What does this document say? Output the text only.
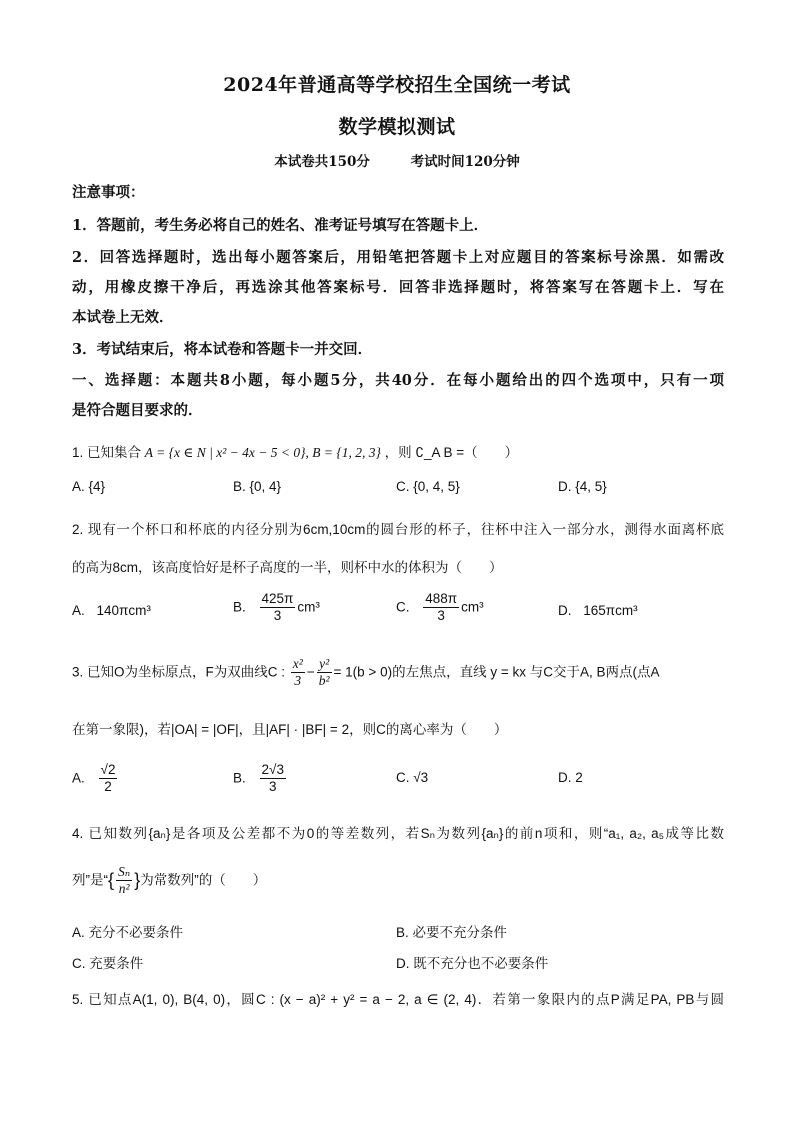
2024年普通高等学校招生全国统一考试
数学模拟测试
本试卷共150分	考试时间120分钟
注意事项：
1．答题前，考生务必将自己的姓名、准考证号填写在答题卡上．
2．回答选择题时，选出每小题答案后，用铅笔把答题卡上对应题目的答案标号涂黑．如需改
动，用橡皮擦干净后，再选涂其他答案标号．回答非选择题时，将答案写在答题卡上．写在
本试卷上无效．
3．考试结束后，将本试卷和答题卡一并交回．
一、选择题：本题共8小题，每小题5分，共40分．在每小题给出的四个选项中，只有一项
是符合题目要求的．
1. 已知集合 A = {x ∈ N | x² − 4x − 5 < 0}, B = {1, 2, 3} ，则 ∁_A B =（　　）
A. {4}	B. {0, 4}	C. {0, 4, 5}	D. {4, 5}
2. 现有一个杯口和杯底的内径分别为6cm,10cm的圆台形的杯子，往杯中注入一部分水，测得水面离杯底
的高为8cm，该高度恰好是杯子高度的一半，则杯中水的体积为（　　）
A. 140πcm³	B. $\frac{425\pi}{3} cm^3$	C. $\frac{488\pi}{3} cm^3$	D. 165πcm³
3. 已知O为坐标原点，F为双曲线C : $\frac{\text{x²}}{3} - \frac{\text{y²}}{\text{b²}} = 1(b > 0)$的左焦点，直线 y = kx 与C交于A, B两点(点A
在第一象限)，若|OA| = |OF|，且|AF| · |BF| = 2，则C的离心率为（　　）
A. $\frac{√2}{2}$	B. $\frac{2√3}{3}$	C. √3	D. 2
4. 已知数列{aₙ}是各项及公差都不为0的等差数列，若Sₙ为数列{aₙ}的前n项和，则“a₁, a₂, a₅成等比数
列”是“{ $\frac{\text{Sₙ}}{\text{n²}}$ }为常数列”的（　　）
A. 充分不必要条件	B. 必要不充分条件
C. 充要条件	D. 既不充分也不必要条件
5. 已知点A(1, 0), B(4, 0)，圆C : (x − a)² + y² = a − 2, a ∈ (2, 4)．若第一象限内的点P满足PA, PB与圆
